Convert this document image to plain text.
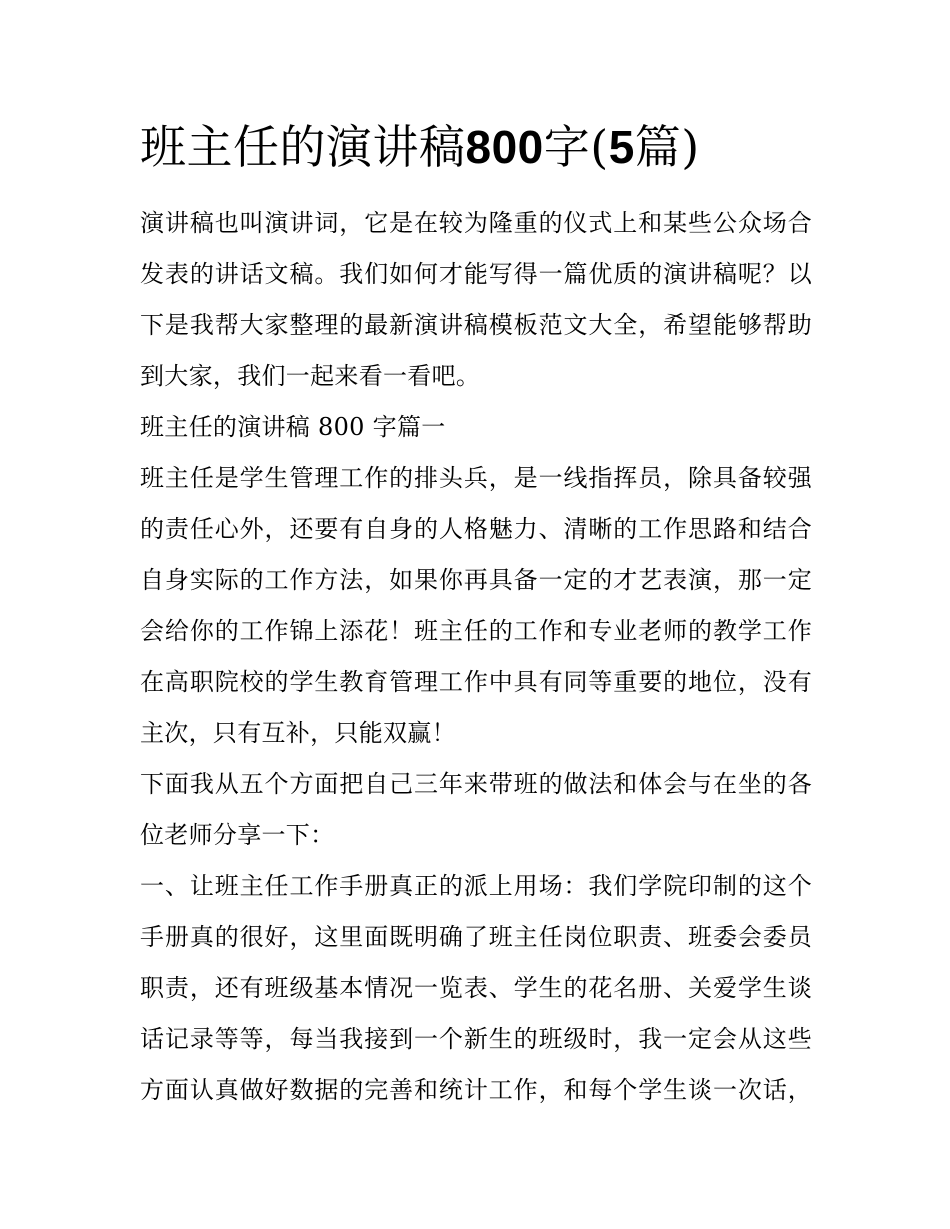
班主任的演讲稿800字(5篇)
演讲稿也叫演讲词，它是在较为隆重的仪式上和某些公众场合
发表的讲话文稿。我们如何才能写得一篇优质的演讲稿呢？以
下是我帮大家整理的最新演讲稿模板范文大全，希望能够帮助
到大家，我们一起来看一看吧。
班主任的演讲稿 800 字篇一
班主任是学生管理工作的排头兵，是一线指挥员，除具备较强
的责任心外，还要有自身的人格魅力、清晰的工作思路和结合
自身实际的工作方法，如果你再具备一定的才艺表演，那一定
会给你的工作锦上添花！班主任的工作和专业老师的教学工作
在高职院校的学生教育管理工作中具有同等重要的地位，没有
主次，只有互补，只能双赢！
下面我从五个方面把自己三年来带班的做法和体会与在坐的各
位老师分享一下：
一、让班主任工作手册真正的派上用场：我们学院印制的这个
手册真的很好，这里面既明确了班主任岗位职责、班委会委员
职责，还有班级基本情况一览表、学生的花名册、关爱学生谈
话记录等等，每当我接到一个新生的班级时，我一定会从这些
方面认真做好数据的完善和统计工作，和每个学生谈一次话，
